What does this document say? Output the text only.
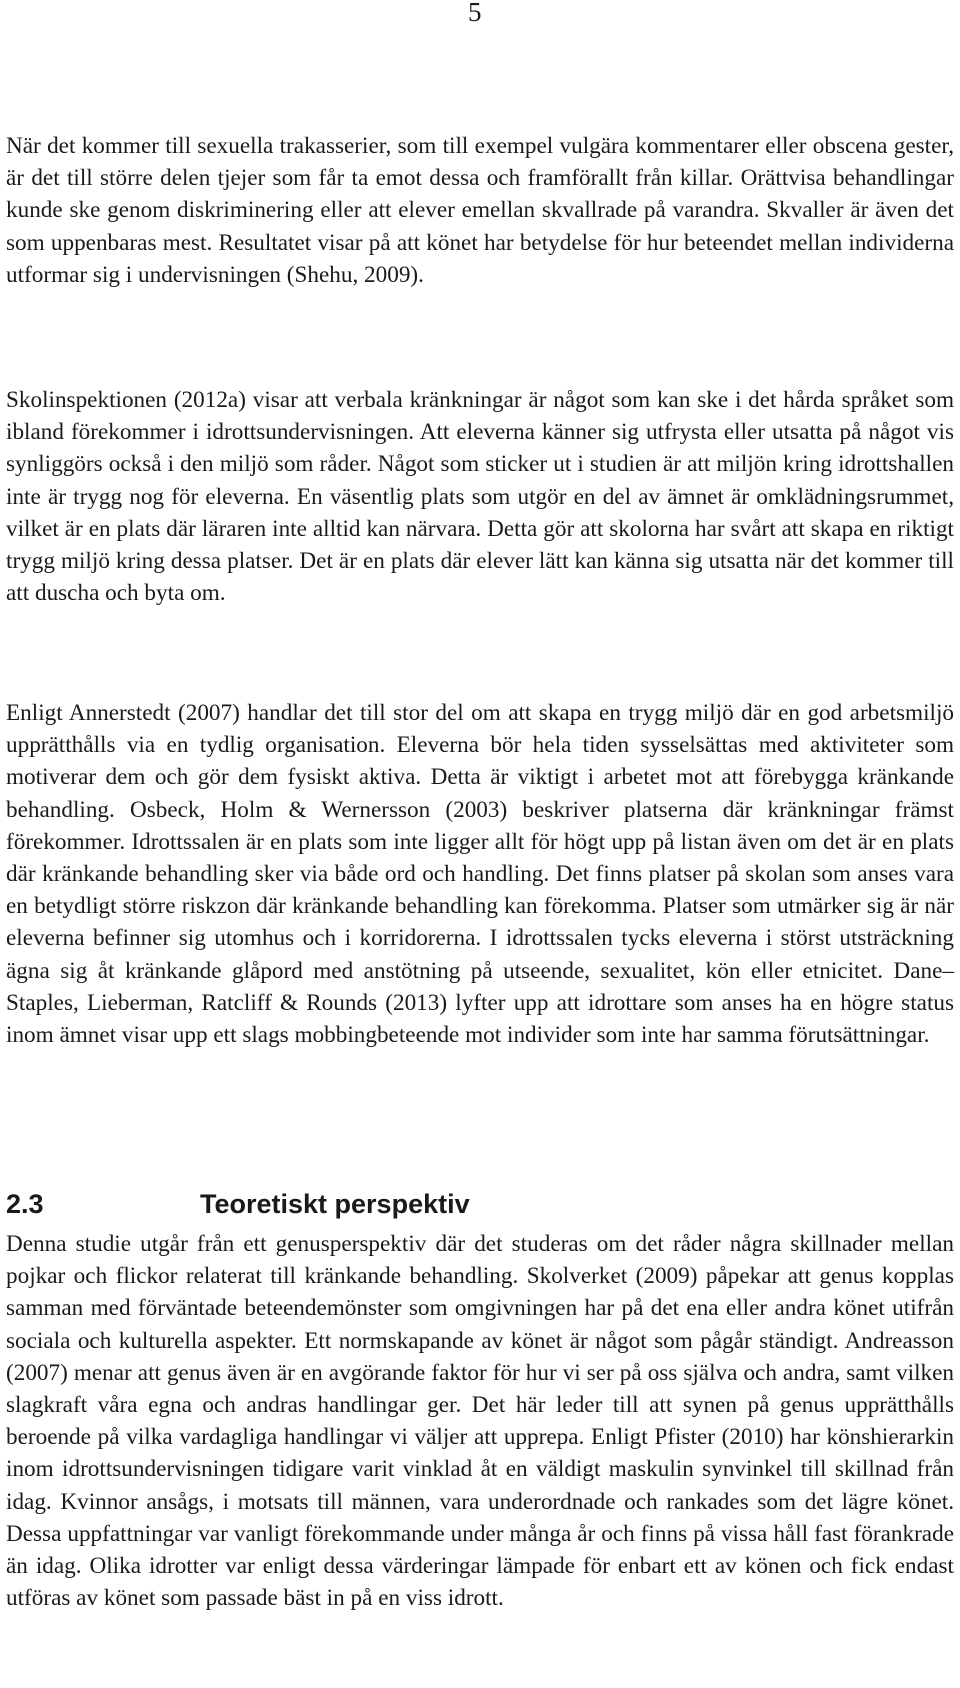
5

När det kommer till sexuella trakasserier, som till exempel vulgära kommentarer eller obscena gester, är det till större delen tjejer som får ta emot dessa och framförallt från killar. Orättvisa behandlingar kunde ske genom diskriminering eller att elever emellan skvallrade på varandra. Skvaller är även det som uppenbaras mest. Resultatet visar på att könet har betydelse för hur beteendet mellan individerna utformar sig i undervisningen (Shehu, 2009).

Skolinspektionen (2012a) visar att verbala kränkningar är något som kan ske i det hårda språket som ibland förekommer i idrottsundervisningen. Att eleverna känner sig utfrysta eller utsatta på något vis synliggörs också i den miljö som råder. Något som sticker ut i studien är att miljön kring idrottshallen inte är trygg nog för eleverna. En väsentlig plats som utgör en del av ämnet är omklädningsrummet, vilket är en plats där läraren inte alltid kan närvara. Detta gör att skolorna har svårt att skapa en riktigt trygg miljö kring dessa platser. Det är en plats där elever lätt kan känna sig utsatta när det kommer till att duscha och byta om.

Enligt Annerstedt (2007) handlar det till stor del om att skapa en trygg miljö där en god arbetsmiljö upprätthålls via en tydlig organisation. Eleverna bör hela tiden sysselsättas med aktiviteter som motiverar dem och gör dem fysiskt aktiva. Detta är viktigt i arbetet mot att förebygga kränkande behandling. Osbeck, Holm & Wernersson (2003) beskriver platserna där kränkningar främst förekommer. Idrottssalen är en plats som inte ligger allt för högt upp på listan även om det är en plats där kränkande behandling sker via både ord och handling. Det finns platser på skolan som anses vara en betydligt större riskzon där kränkande behandling kan förekomma. Platser som utmärker sig är när eleverna befinner sig utomhus och i korridorerna. I idrottssalen tycks eleverna i störst utsträckning ägna sig åt kränkande glåpord med anstötning på utseende, sexualitet, kön eller etnicitet. Dane–Staples, Lieberman, Ratcliff & Rounds (2013) lyfter upp att idrottare som anses ha en högre status inom ämnet visar upp ett slags mobbingbeteende mot individer som inte har samma förutsättningar.

2.3	Teoretiskt perspektiv

Denna studie utgår från ett genusperspektiv där det studeras om det råder några skillnader mellan pojkar och flickor relaterat till kränkande behandling. Skolverket (2009) påpekar att genus kopplas samman med förväntade beteendemönster som omgivningen har på det ena eller andra könet utifrån sociala och kulturella aspekter. Ett normskapande av könet är något som pågår ständigt. Andreasson (2007) menar att genus även är en avgörande faktor för hur vi ser på oss själva och andra, samt vilken slagkraft våra egna och andras handlingar ger. Det här leder till att synen på genus upprätthålls beroende på vilka vardagliga handlingar vi väljer att upprepa. Enligt Pfister (2010) har könshierarkin inom idrottsundervisningen tidigare varit vinklad åt en väldigt maskulin synvinkel till skillnad från idag. Kvinnor ansågs, i motsats till männen, vara underordnade och rankades som det lägre könet. Dessa uppfattningar var vanligt förekommande under många år och finns på vissa håll fast förankrade än idag. Olika idrotter var enligt dessa värderingar lämpade för enbart ett av könen och fick endast utföras av könet som passade bäst in på en viss idrott.
